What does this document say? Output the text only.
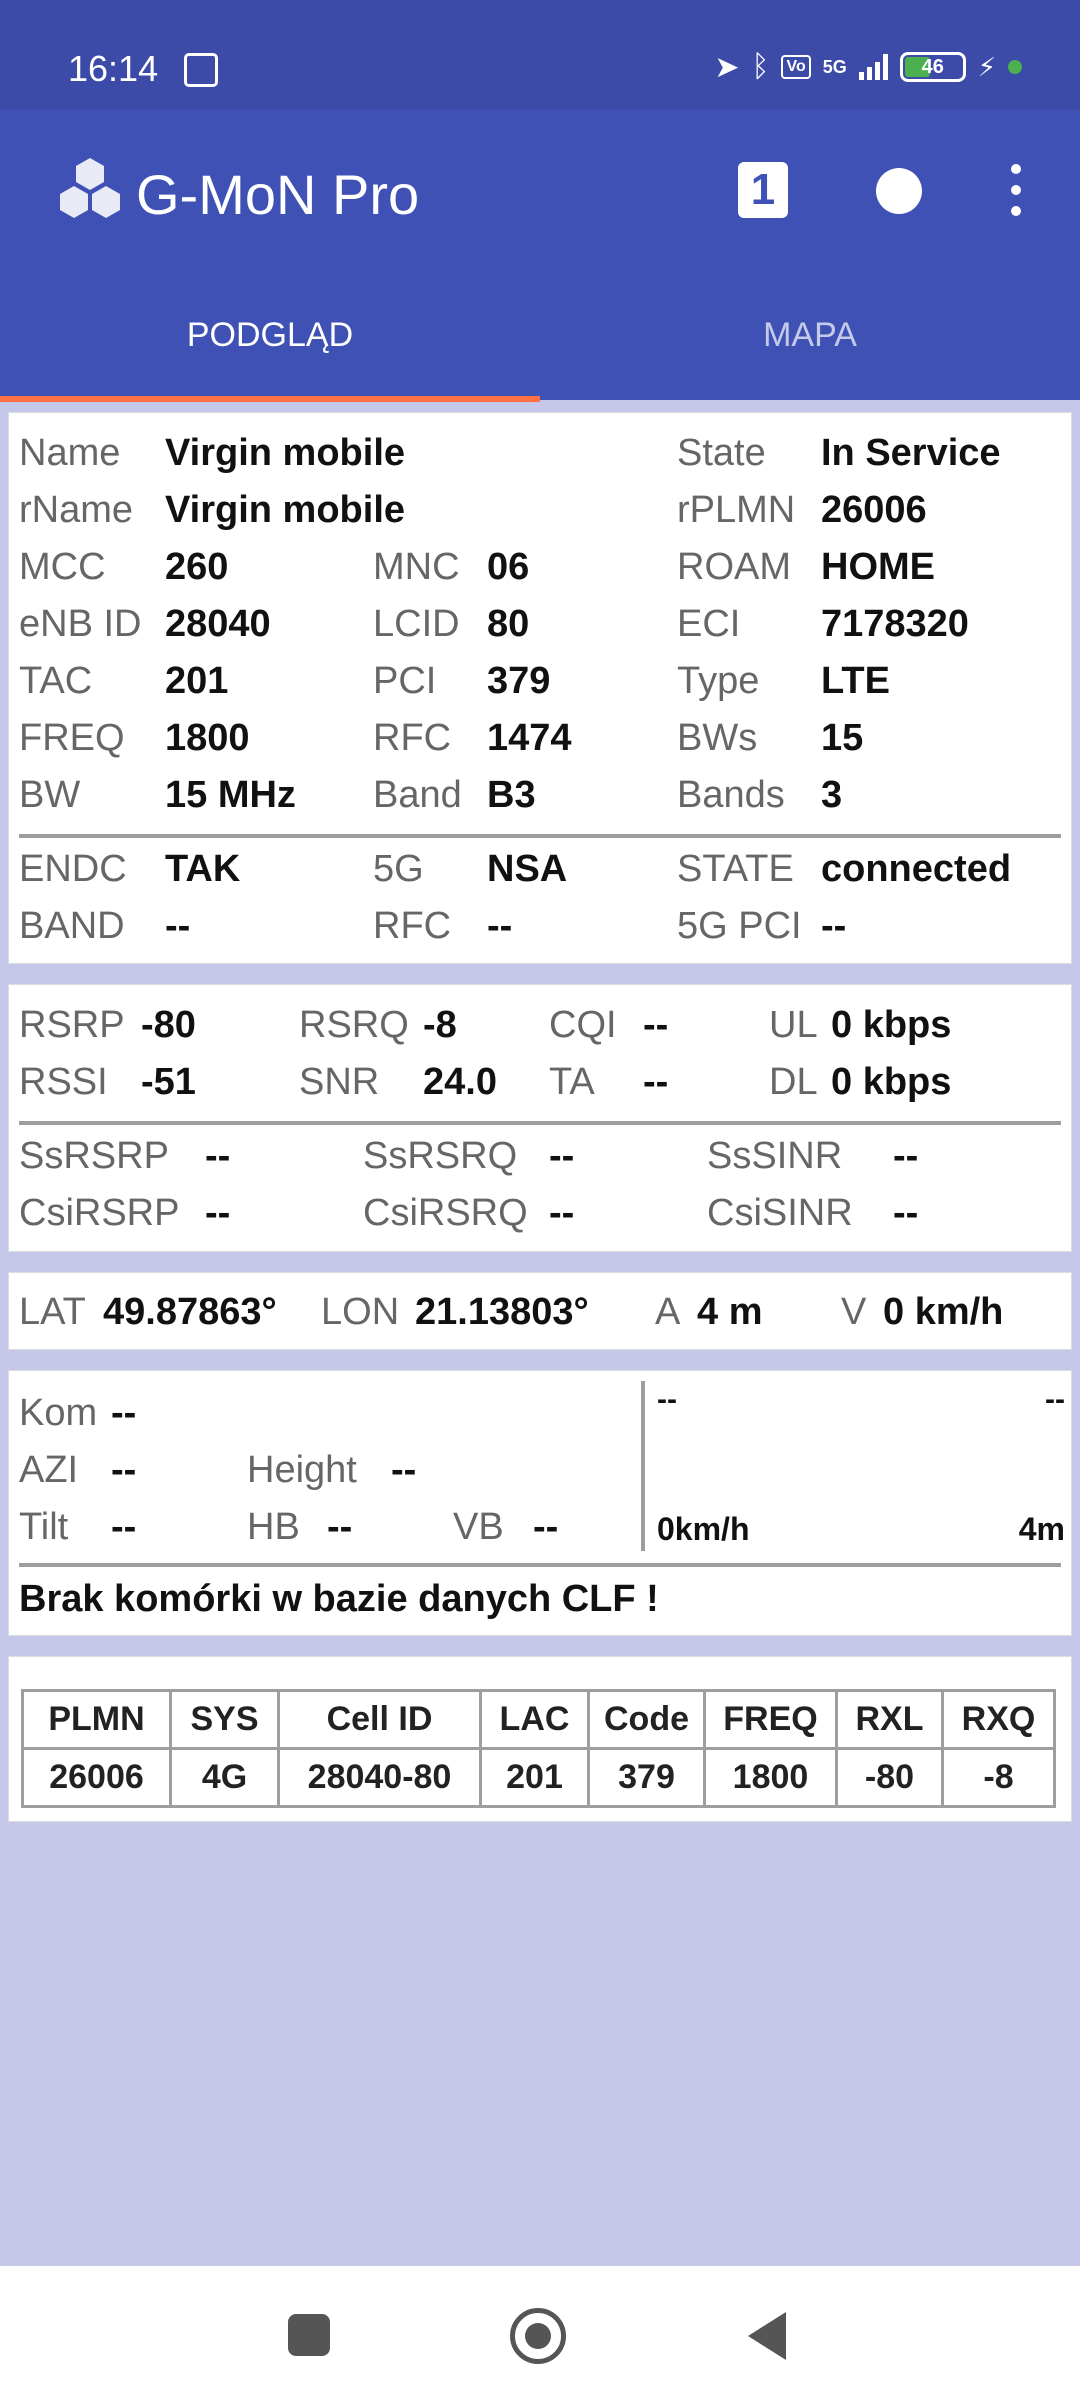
16:14	➤ ᛒ	Vo 5G	46	⚡
G-MoN Pro	1
PODGLĄD	MAPA
Name Virgin mobile	State In Service
rName Virgin mobile	rPLMN 26006
MCC 260	MNC 06	ROAM HOME
eNB ID 28040	LCID 80	ECI 7178320
TAC 201	PCI 379	Type LTE
FREQ 1800	RFC 1474	BWs 15
BW 15 MHz Band B3	Bands 3
ENDC TAK	5G NSA	STATE connected
BAND --	RFC --	5G PCI --
RSRP -80	RSRQ -8 CQI --	UL 0 kbps
RSSI -51	SNR 24.0 TA --	DL 0 kbps
SsRSRP --	SsRSRQ --	SsSINR --
CsiRSRP --	CsiRSRQ --	CsiSINR --
LAT 49.87863° LON 21.13803° A 4 m V 0 km/h
Kom --
AZI --	Height --
Tilt --	HB --	VB --
--	--
0km/h	4m
Brak komórki w bazie danych CLF !
PLMN	SYS	Cell ID	LAC	Code	FREQ	RXL	RXQ
26006	4G	28040-80	201	379	1800	-80	-8
